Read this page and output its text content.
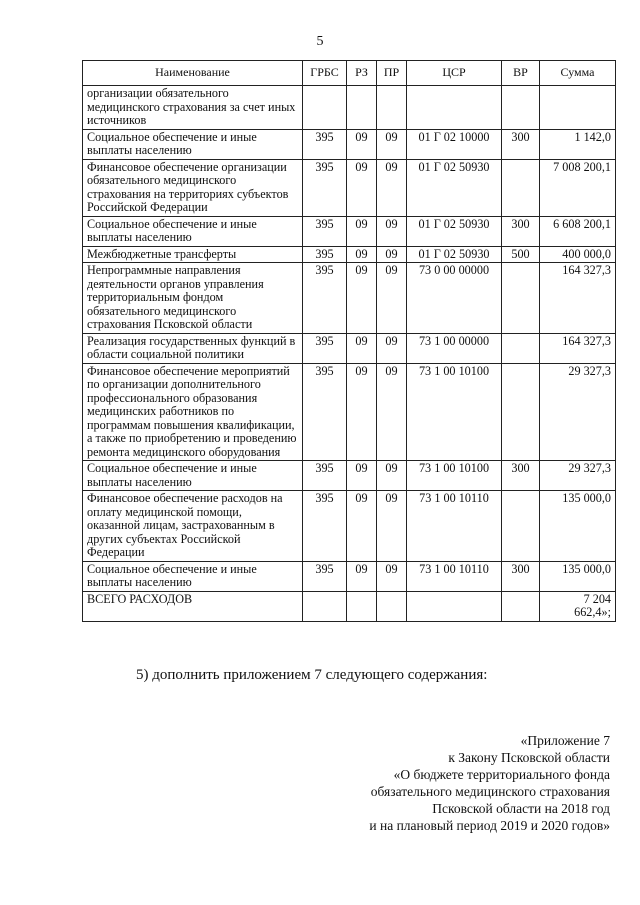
5
Наименование	ГРБС	РЗ	ПР	ЦСР	ВР	Сумма
организации обязательного медицинского страхования за счет иных источников						
Социальное обеспечение и иные выплаты населению	395	09	09	01 Г 02 10000	300	1 142,0
Финансовое обеспечение организации обязательного медицинского страхования на территориях субъектов Российской Федерации	395	09	09	01 Г 02 50930		7 008 200,1
Социальное обеспечение и иные выплаты населению	395	09	09	01 Г 02 50930	300	6 608 200,1
Межбюджетные трансферты	395	09	09	01 Г 02 50930	500	400 000,0
Непрограммные направления деятельности органов управления территориальным фондом обязательного медицинского страхования Псковской области	395	09	09	73 0 00 00000		164 327,3
Реализация государственных функций в области социальной политики	395	09	09	73 1 00 00000		164 327,3
Финансовое обеспечение мероприятий по организации дополнительного профессионального образования медицинских работников по программам повышения квалификации, а также по приобретению и проведению ремонта медицинского оборудования	395	09	09	73 1 00 10100		29 327,3
Социальное обеспечение и иные выплаты населению	395	09	09	73 1 00 10100	300	29 327,3
Финансовое обеспечение расходов на оплату медицинской помощи, оказанной лицам, застрахованным в других субъектах Российской Федерации	395	09	09	73 1 00 10110		135 000,0
Социальное обеспечение и иные выплаты населению	395	09	09	73 1 00 10110	300	135 000,0
ВСЕГО РАСХОДОВ						7 204 662,4»;
5) дополнить приложением 7 следующего содержания:
«Приложение 7
к Закону Псковской области
«О бюджете территориального фонда
обязательного медицинского страхования
Псковской области на 2018 год
и на плановый период 2019 и 2020 годов»
